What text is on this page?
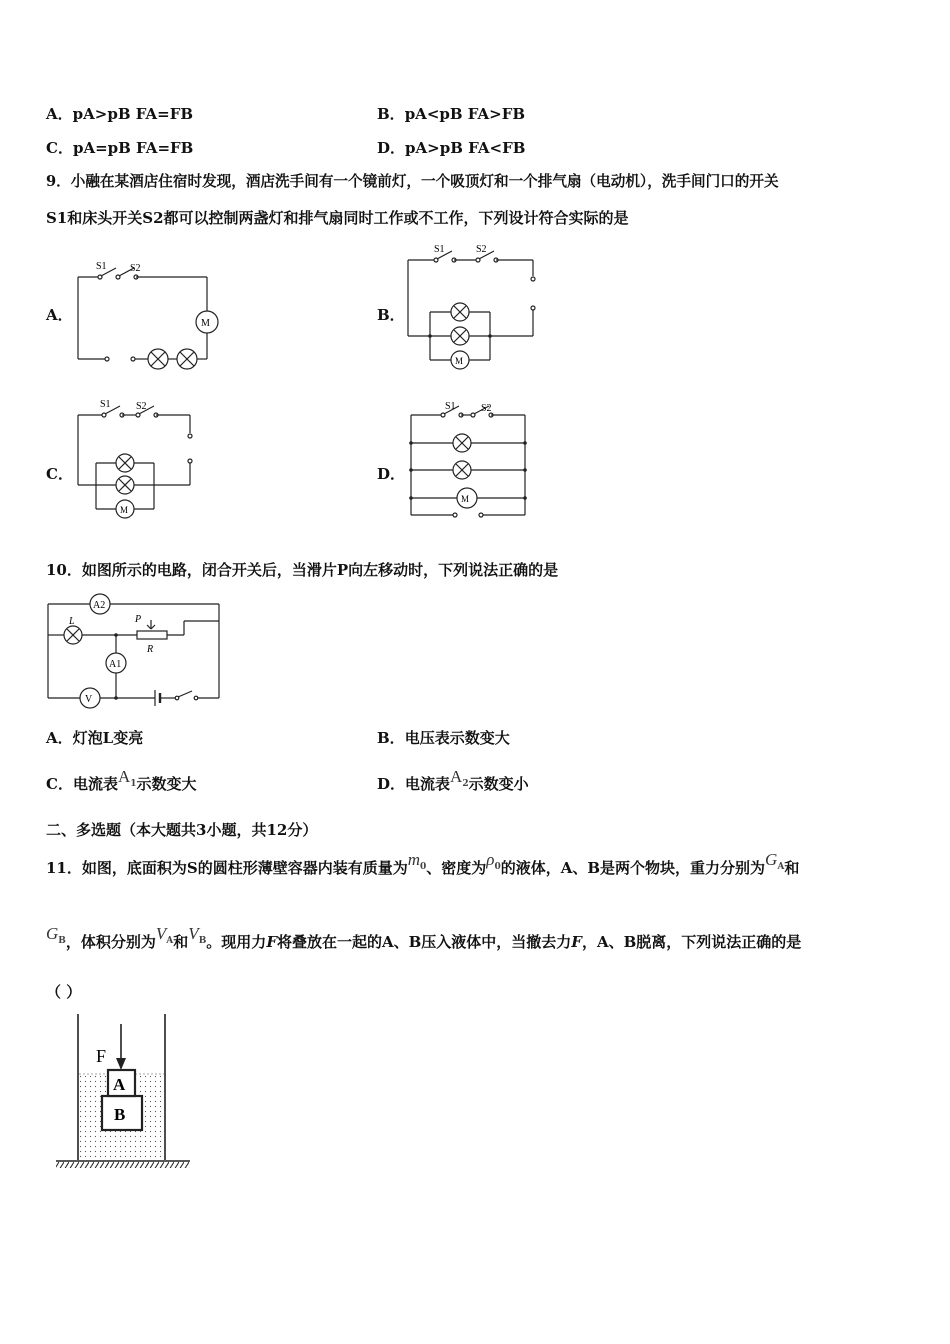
A．pA>pB FA=FB	B．pA<pB FA>FB
C．pA=pB FA=FB	D．pA>pB FA<FB
9．小融在某酒店住宿时发现，酒店洗手间有一个镜前灯，一个吸顶灯和一个排气扇（电动机），洗手间门口的开关
S1和床头开关S2都可以控制两盏灯和排气扇同时工作或不工作，下列设计符合实际的是
A．	B．
C．	D．
S1 S2
M
S1	S2
M
S1	S2
M
S1	S2
M
10．如图所示的电路，闭合开关后，当滑片P向左移动时，下列说法正确的是
A2
A1
V
L	P
R
A．灯泡L变亮	B．电压表示数变大
C．电流表$A^1$示数变大	D．电流表$A^2$示数变小
二、多选题（本大题共3小题，共12分）
11．如图，底面积为S的圆柱形薄壁容器内装有质量为$m^0$、密度为$\rho^0$的液体，A、B是两个物块，重力分别为$G^A$和
$G^B$，体积分别为$V^A$和$V^B$。现用力F将叠放在一起的A、B压入液体中，当撤去力F，A、B脱离，下列说法正确的是
（ ）
F
A
B
